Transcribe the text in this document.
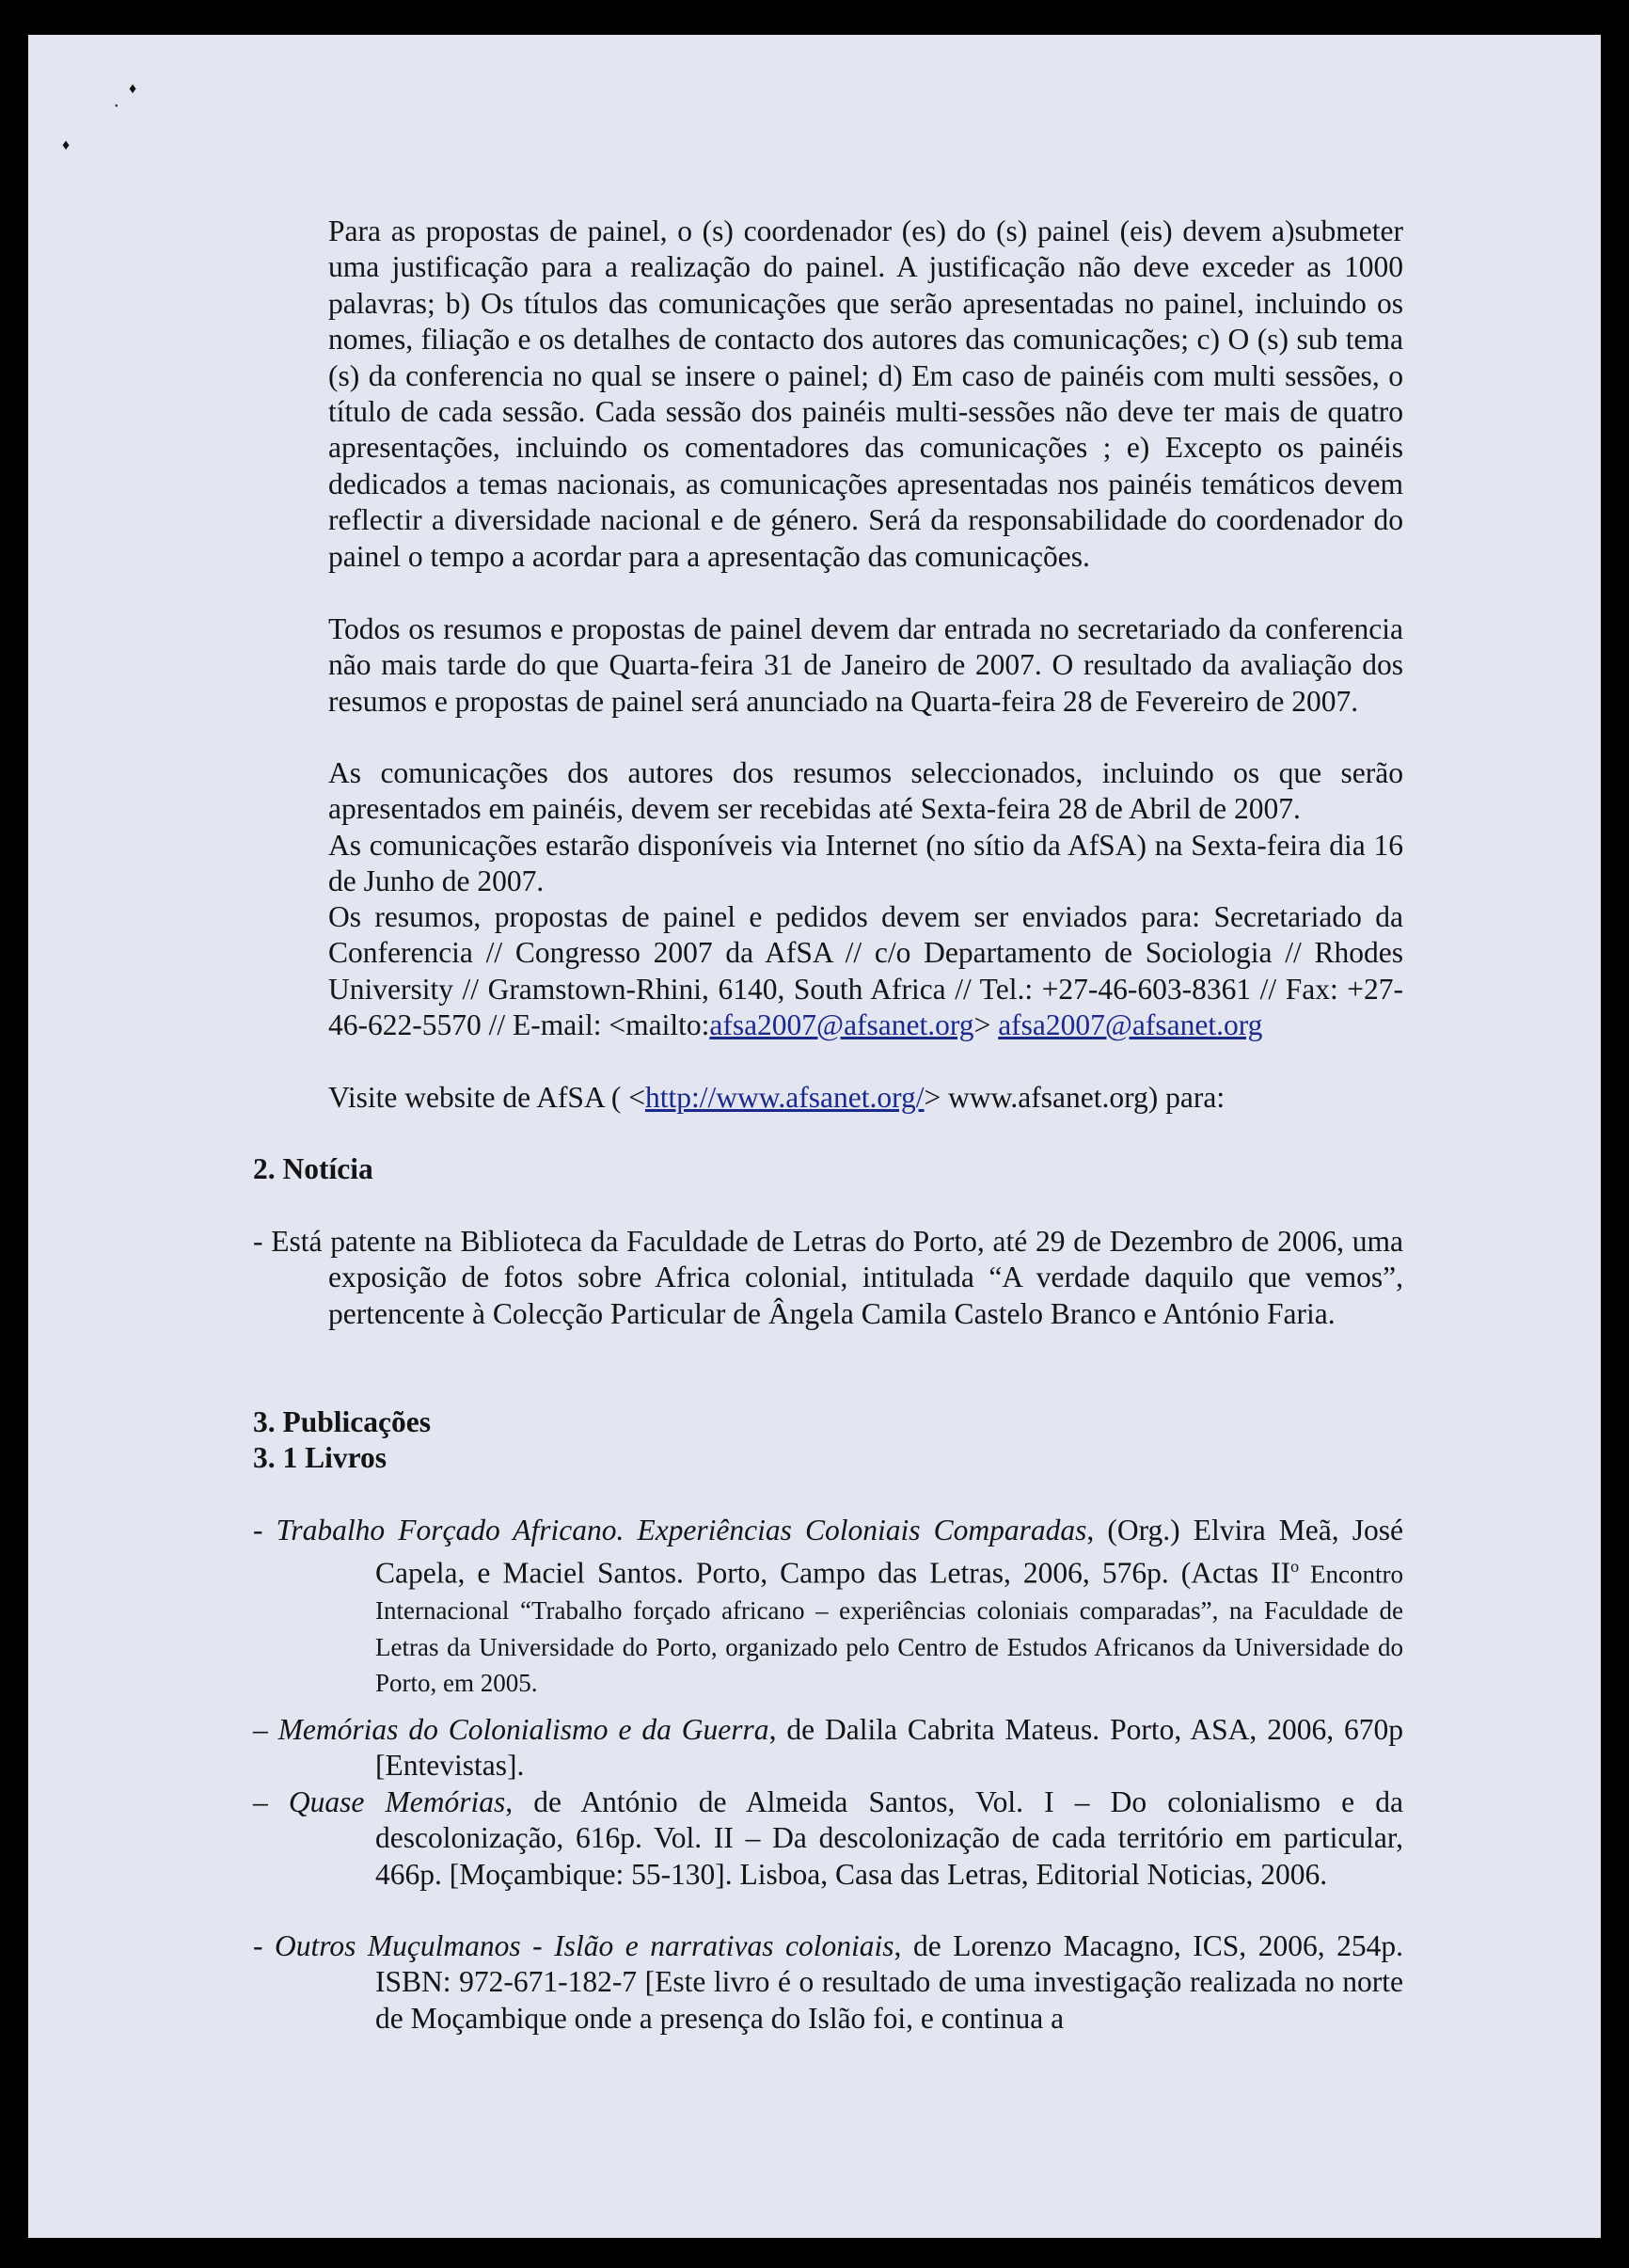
♦
•
♦

Para as propostas de painel, o (s) coordenador (es) do (s) painel (eis) devem a)submeter uma justificação para a realização do painel. A justificação não deve exceder as 1000 palavras; b) Os títulos das comunicações que serão apresentadas no painel, incluindo os nomes, filiação e os detalhes de contacto dos autores das comunicações; c) O (s) sub tema (s) da conferencia no qual se insere o painel; d) Em caso de painéis com multi sessões, o título de cada sessão. Cada sessão dos painéis multi-sessões não deve ter mais de quatro apresentações, incluindo os comentadores das comunicações ; e) Excepto os painéis dedicados a temas nacionais, as comunicações apresentadas nos painéis temáticos devem reflectir a diversidade nacional e de género. Será da responsabilidade do coordenador do painel o tempo a acordar para a apresentação das comunicações.

Todos os resumos e propostas de painel devem dar entrada no secretariado da conferencia não mais tarde do que Quarta-feira 31 de Janeiro de 2007. O resultado da avaliação dos resumos e propostas de painel será anunciado na Quarta-feira 28 de Fevereiro de 2007.

As comunicações dos autores dos resumos seleccionados, incluindo os que serão apresentados em painéis, devem ser recebidas até Sexta-feira 28 de Abril de 2007.

As comunicações estarão disponíveis via Internet (no sítio da AfSA) na Sexta-feira dia 16 de Junho de 2007.

Os resumos, propostas de painel e pedidos devem ser enviados para: Secretariado da Conferencia // Congresso 2007 da AfSA // c/o Departamento de Sociologia // Rhodes University // Gramstown-Rhini, 6140, South Africa // Tel.: +27-46-603-8361 // Fax: +27-46-622-5570 // E-mail: <mailto:afsa2007@afsanet.org> afsa2007@afsanet.org

Visite website de AfSA ( <http://www.afsanet.org/> www.afsanet.org) para:

2. Notícia

- Está patente na Biblioteca da Faculdade de Letras do Porto, até 29 de Dezembro de 2006, uma exposição de fotos sobre Africa colonial, intitulada “A verdade daquilo que vemos”, pertencente à Colecção Particular de Ângela Camila Castelo Branco e António Faria.

3. Publicações
3. 1 Livros

- Trabalho Forçado Africano. Experiências Coloniais Comparadas, (Org.) Elvira Meã, José Capela, e Maciel Santos. Porto, Campo das Letras, 2006, 576p. (Actas $II^o$ Encontro Internacional “Trabalho forçado africano – experiências coloniais comparadas”, na Faculdade de Letras da Universidade do Porto, organizado pelo Centro de Estudos Africanos da Universidade do Porto, em 2005.

– Memórias do Colonialismo e da Guerra, de Dalila Cabrita Mateus. Porto, ASA, 2006, 670p [Entevistas].

– Quase Memórias, de António de Almeida Santos, Vol. I – Do colonialismo e da descolonização, 616p. Vol. II – Da descolonização de cada território em particular, 466p. [Moçambique: 55-130]. Lisboa, Casa das Letras, Editorial Noticias, 2006.

- Outros Muçulmanos - Islão e narrativas coloniais, de Lorenzo Macagno, ICS, 2006, 254p. ISBN: 972-671-182-7 [Este livro é o resultado de uma investigação realizada no norte de Moçambique onde a presença do Islão foi, e continua a
